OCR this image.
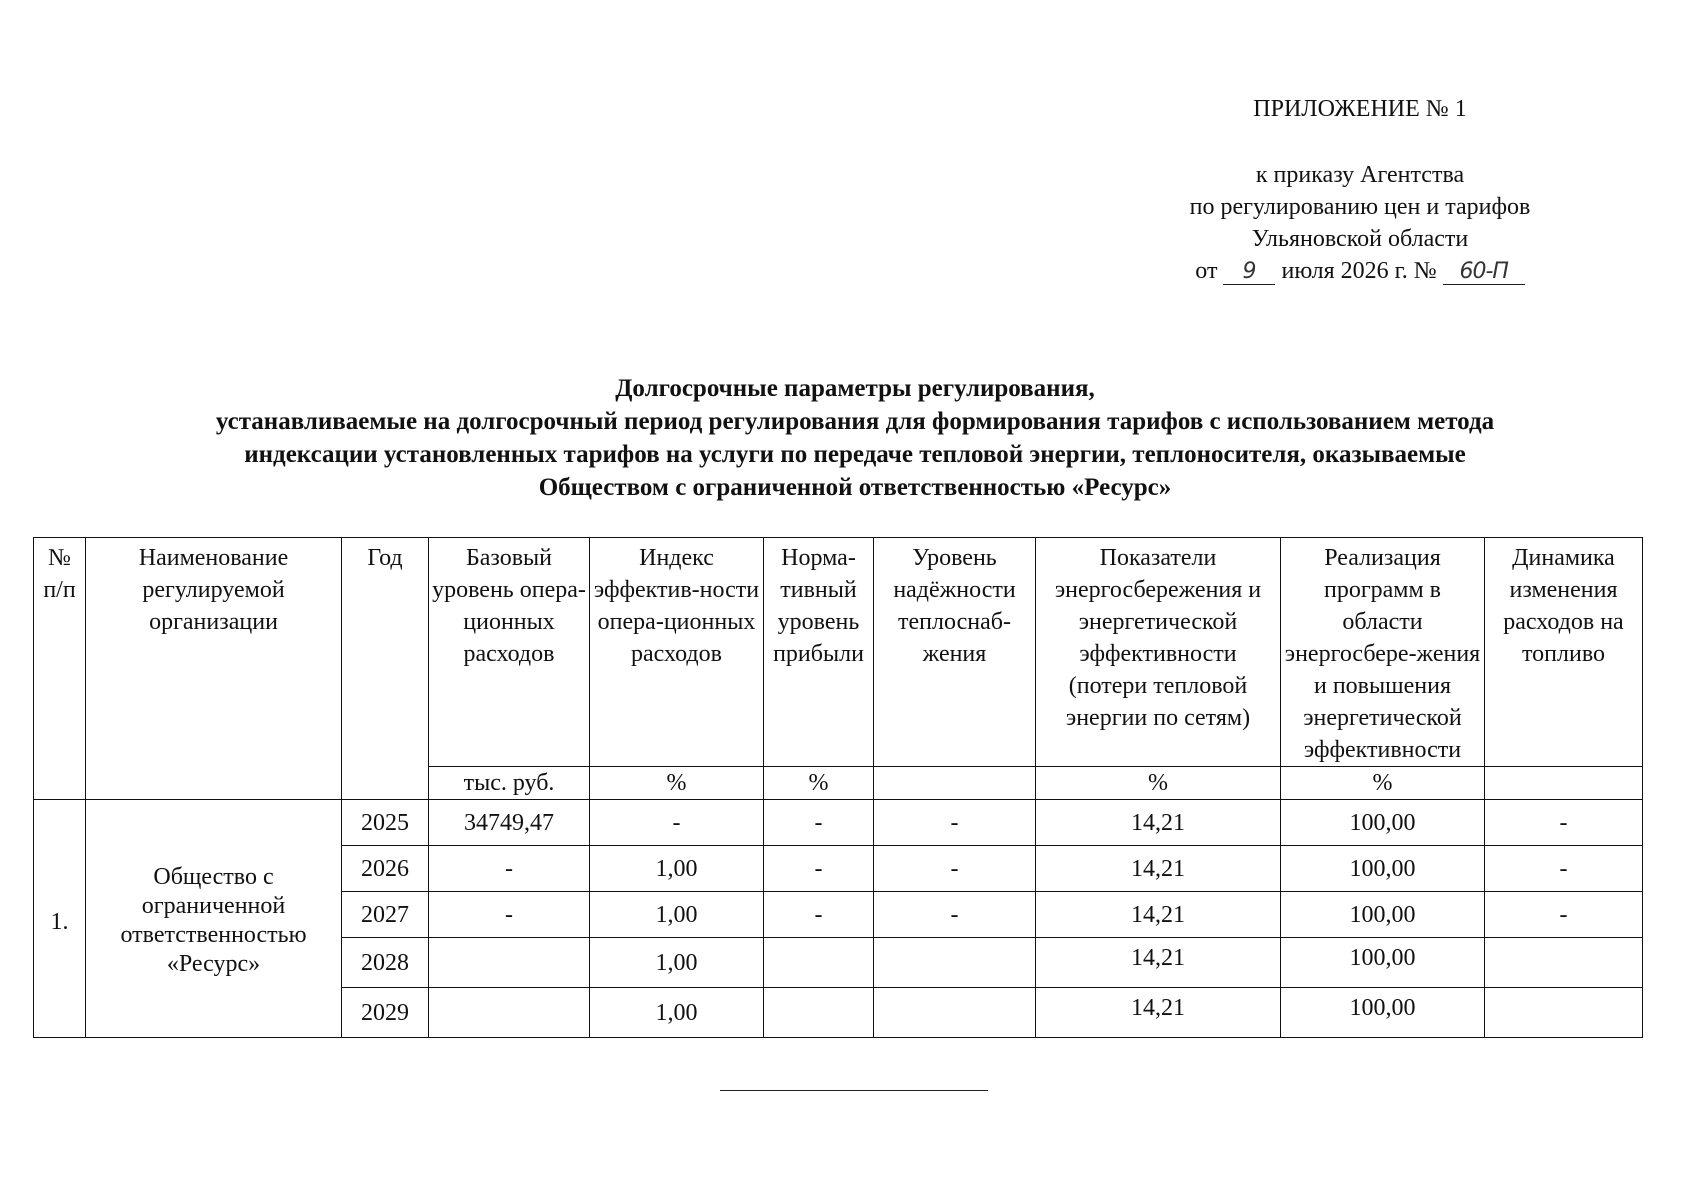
ПРИЛОЖЕНИЕ № 1
к приказу Агентства
по регулированию цен и тарифов
Ульяновской области
от 9 июля 2026 г. № 60-П
Долгосрочные параметры регулирования,
устанавливаемые на долгосрочный период регулирования для формирования тарифов с использованием метода
индексации установленных тарифов на услуги по передаче тепловой энергии, теплоносителя, оказываемые
Обществом с ограниченной ответственностью «Ресурс»
№ п/п	Наименование регулируемой организации	Год	Базовый уровень опера-ционных расходов	Индекс эффектив-ности опера-ционных расходов	Норма-тивный уровень прибыли	Уровень надёжности теплоснаб-жения	Показатели энергосбережения и энергетической эффективности (потери тепловой энергии по сетям)	Реализация программ в области энергосбере-жения и повышения энергетической эффективности	Динамика изменения расходов на топливо
			тыс. руб.	%	%		%	%	
1.	Общество с ограниченной ответственностью «Ресурс»	2025	34749,47	-	-	-	14,21	100,00	-
		2026	-	1,00	-	-	14,21	100,00	-
		2027	-	1,00	-	-	14,21	100,00	-
		2028		1,00			14,21	100,00	
		2029		1,00			14,21	100,00	
